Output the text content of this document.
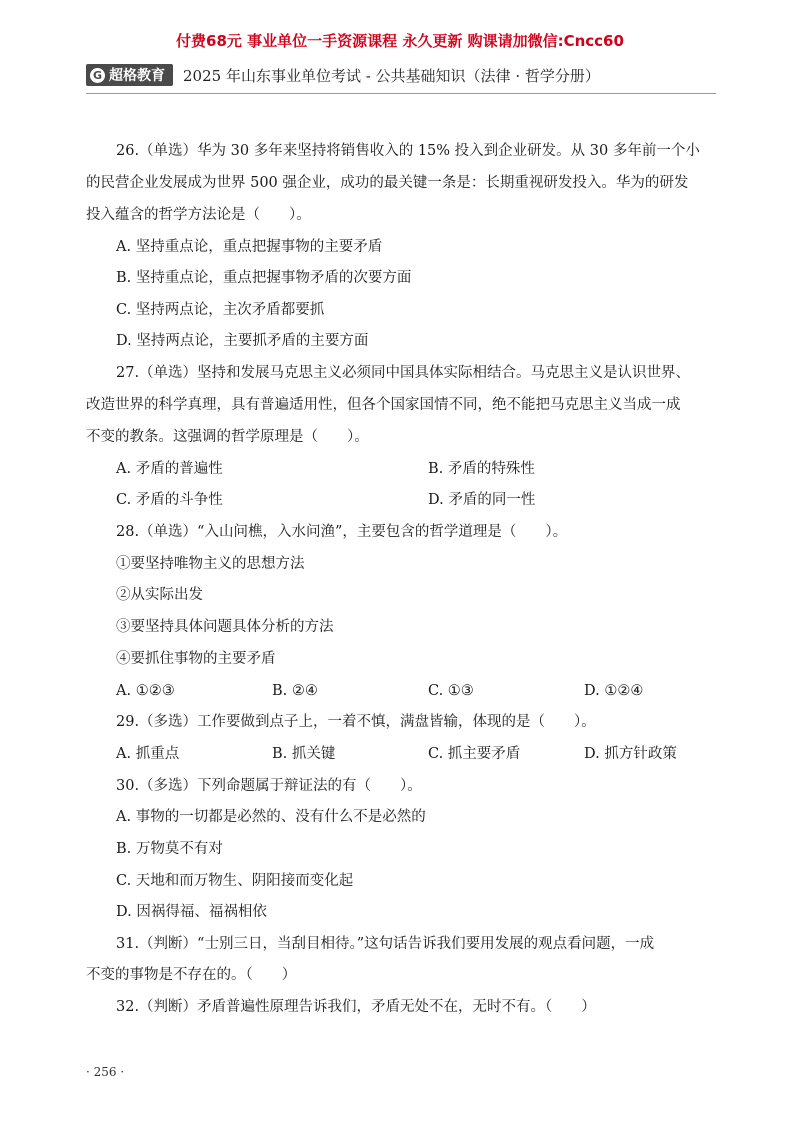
付费68元 事业单位一手资源课程 永久更新 购课请加微信:Cncc60
G 超格教育 2025 年山东事业单位考试 - 公共基础知识（法律 · 哲学分册）
26.（单选）华为 30 多年来坚持将销售收入的 15% 投入到企业研发。从 30 多年前一个小
的民营企业发展成为世界 500 强企业，成功的最关键一条是：长期重视研发投入。华为的研发
投入蕴含的哲学方法论是（　　）。
A. 坚持重点论，重点把握事物的主要矛盾
B. 坚持重点论，重点把握事物矛盾的次要方面
C. 坚持两点论，主次矛盾都要抓
D. 坚持两点论，主要抓矛盾的主要方面
27.（单选）坚持和发展马克思主义必须同中国具体实际相结合。马克思主义是认识世界、
改造世界的科学真理，具有普遍适用性，但各个国家国情不同，绝不能把马克思主义当成一成
不变的教条。这强调的哲学原理是（　　）。
A. 矛盾的普遍性	B. 矛盾的特殊性
C. 矛盾的斗争性	D. 矛盾的同一性
28.（单选）“入山问樵，入水问渔”，主要包含的哲学道理是（　　）。
①要坚持唯物主义的思想方法
②从实际出发
③要坚持具体问题具体分析的方法
④要抓住事物的主要矛盾
A. ①②③	B. ②④	C. ①③	D. ①②④
29.（多选）工作要做到点子上，一着不慎，满盘皆输，体现的是（　　）。
A. 抓重点	B. 抓关键	C. 抓主要矛盾	D. 抓方针政策
30.（多选）下列命题属于辩证法的有（　　）。
A. 事物的一切都是必然的、没有什么不是必然的
B. 万物莫不有对
C. 天地和而万物生、阴阳接而变化起
D. 因祸得福、福祸相依
31.（判断）“士别三日，当刮目相待。”这句话告诉我们要用发展的观点看问题，一成
不变的事物是不存在的。（　　）
32.（判断）矛盾普遍性原理告诉我们，矛盾无处不在，无时不有。（　　）
· 256 ·
